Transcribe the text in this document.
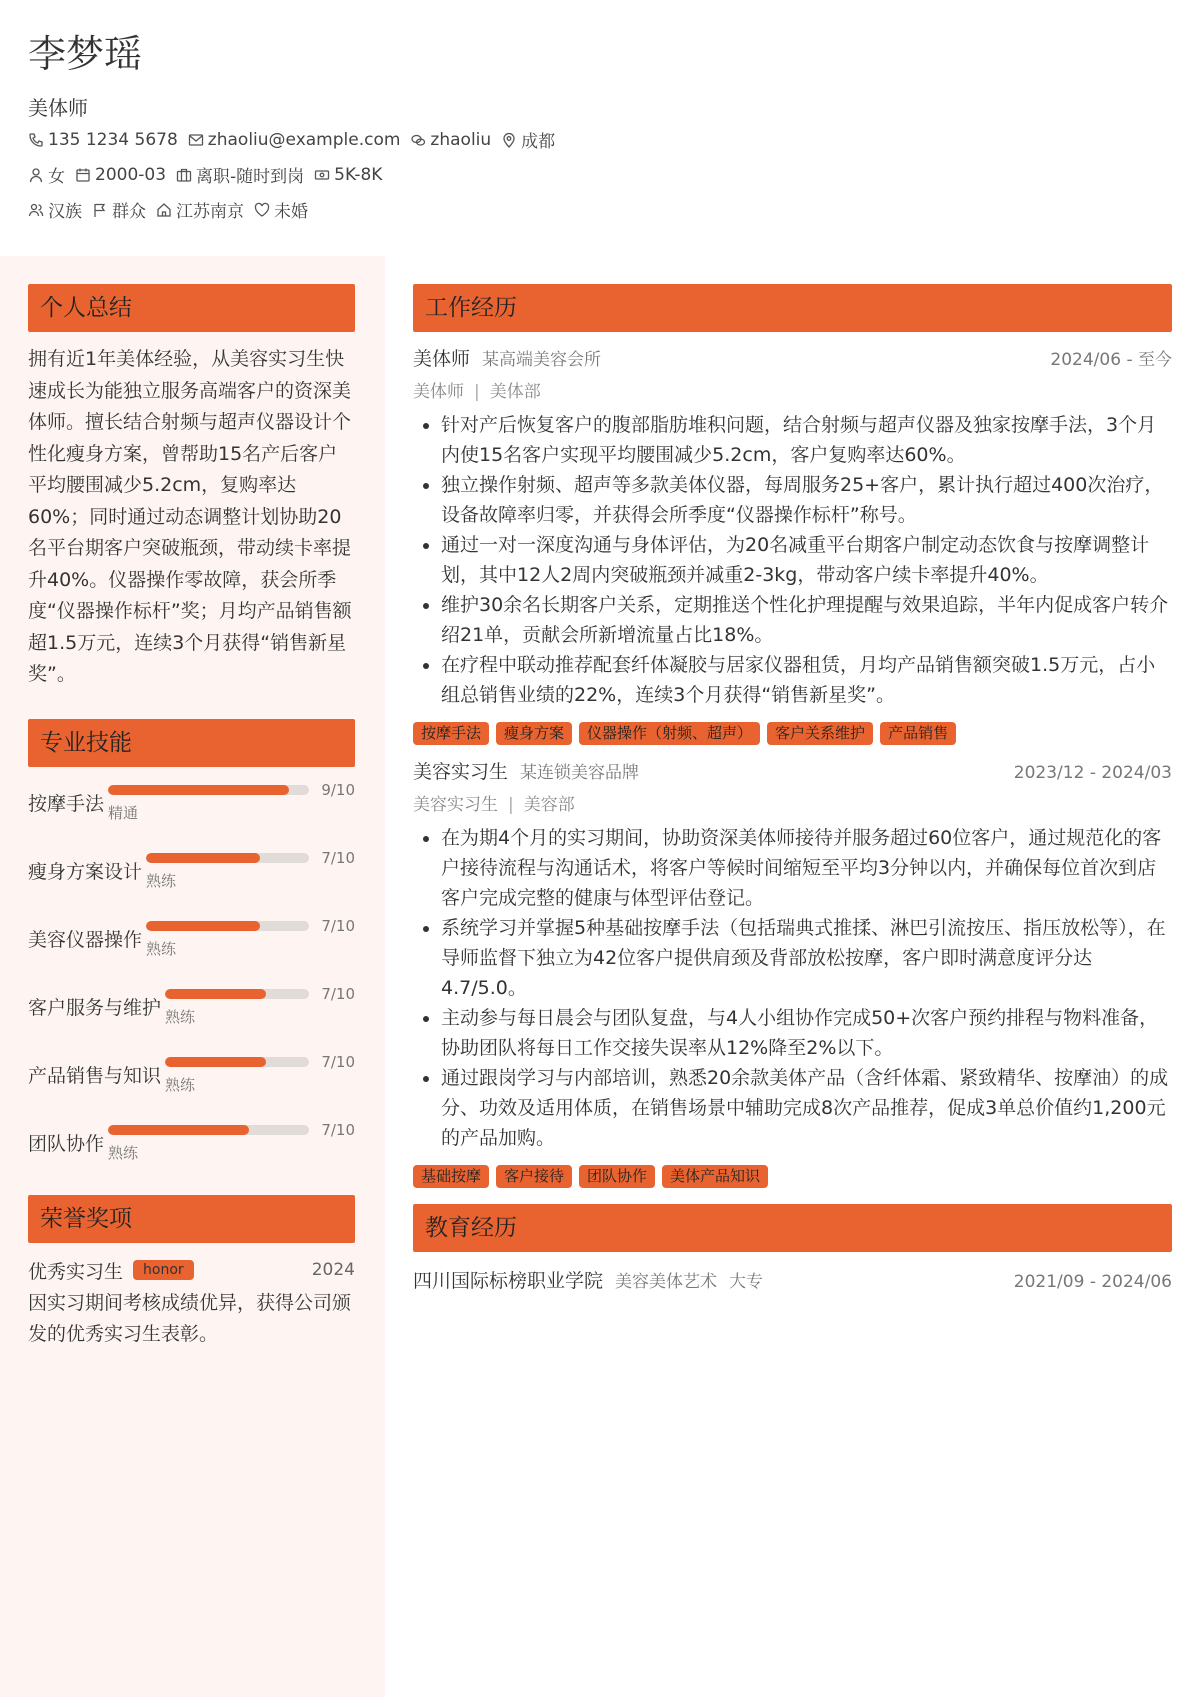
李梦瑶
美体师
135 1234 5678 zhaoliu@example.com zhaoliu 成都
女 2000-03 离职-随时到岗 5K-8K
汉族 群众 江苏南京 未婚
个人总结
拥有近1年美体经验，从美容实习生快速成长为能独立服务高端客户的资深美体师。擅长结合射频与超声仪器设计个性化瘦身方案，曾帮助15名产后客户平均腰围减少5.2cm，复购率达60%；同时通过动态调整计划协助20名平台期客户突破瓶颈，带动续卡率提升40%。仪器操作零故障，获会所季度“仪器操作标杆”奖；月均产品销售额超1.5万元，连续3个月获得“销售新星奖”。
专业技能
按摩手法
9/10
精通
瘦身方案设计
7/10
熟练
美容仪器操作
7/10
熟练
客户服务与维护
7/10
熟练
产品销售与知识
7/10
熟练
团队协作
7/10
熟练
荣誉奖项
优秀实习生	honor	2024
因实习期间考核成绩优异，获得公司颁发的优秀实习生表彰。
工作经历
美体师 某高端美容会所	2024/06 - 至今
美体师 | 美体部
• 针对产后恢复客户的腹部脂肪堆积问题，结合射频与超声仪器及独家按摩手法，3个月内使15名客户实现平均腰围减少5.2cm，客户复购率达60%。
• 独立操作射频、超声等多款美体仪器，每周服务25+客户，累计执行超过400次治疗，设备故障率归零，并获得会所季度“仪器操作标杆”称号。
• 通过一对一深度沟通与身体评估，为20名减重平台期客户制定动态饮食与按摩调整计划，其中12人2周内突破瓶颈并减重2-3kg，带动客户续卡率提升40%。
• 维护30余名长期客户关系，定期推送个性化护理提醒与效果追踪，半年内促成客户转介绍21单，贡献会所新增流量占比18%。
• 在疗程中联动推荐配套纤体凝胶与居家仪器租赁，月均产品销售额突破1.5万元，占小组总销售业绩的22%，连续3个月获得“销售新星奖”。
按摩手法	瘦身方案	仪器操作（射频、超声）	客户关系维护	产品销售
美容实习生 某连锁美容品牌	2023/12 - 2024/03
美容实习生 | 美容部
• 在为期4个月的实习期间，协助资深美体师接待并服务超过60位客户，通过规范化的客户接待流程与沟通话术，将客户等候时间缩短至平均3分钟以内，并确保每位首次到店客户完成完整的健康与体型评估登记。
• 系统学习并掌握5种基础按摩手法（包括瑞典式推揉、淋巴引流按压、指压放松等），在导师监督下独立为42位客户提供肩颈及背部放松按摩，客户即时满意度评分达4.7/5.0。
• 主动参与每日晨会与团队复盘，与4人小组协作完成50+次客户预约排程与物料准备，协助团队将每日工作交接失误率从12%降至2%以下。
• 通过跟岗学习与内部培训，熟悉20余款美体产品（含纤体霜、紧致精华、按摩油）的成分、功效及适用体质，在销售场景中辅助完成8次产品推荐，促成3单总价值约1,200元的产品加购。
基础按摩	客户接待	团队协作	美体产品知识
教育经历
四川国际标榜职业学院 美容美体艺术 大专	2021/09 - 2024/06
